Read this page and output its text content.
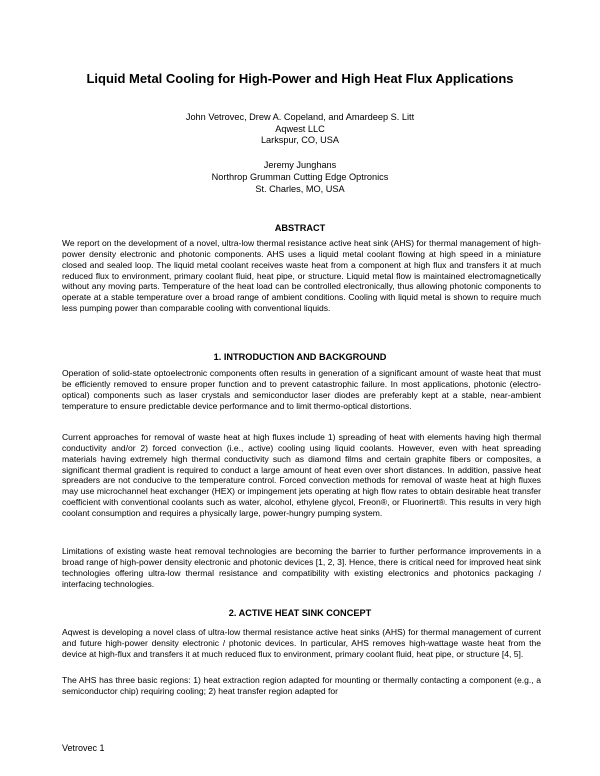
Liquid Metal Cooling for High-Power and High Heat Flux Applications
John Vetrovec, Drew A. Copeland, and Amardeep S. Litt
Aqwest LLC
Larkspur, CO, USA
Jeremy Junghans
Northrop Grumman Cutting Edge Optronics
St. Charles, MO, USA
ABSTRACT
We report on the development of a novel, ultra-low thermal resistance active heat sink (AHS) for thermal management of high-power density electronic and photonic components. AHS uses a liquid metal coolant flowing at high speed in a miniature closed and sealed loop. The liquid metal coolant receives waste heat from a component at high flux and transfers it at much reduced flux to environment, primary coolant fluid, heat pipe, or structure. Liquid metal flow is maintained electromagnetically without any moving parts. Temperature of the heat load can be controlled electronically, thus allowing photonic components to operate at a stable temperature over a broad range of ambient conditions. Cooling with liquid metal is shown to require much less pumping power than comparable cooling with conventional liquids.
1. INTRODUCTION AND BACKGROUND
Operation of solid-state optoelectronic components often results in generation of a significant amount of waste heat that must be efficiently removed to ensure proper function and to prevent catastrophic failure. In most applications, photonic (electro-optical) components such as laser crystals and semiconductor laser diodes are preferably kept at a stable, near-ambient temperature to ensure predictable device performance and to limit thermo-optical distortions.
Current approaches for removal of waste heat at high fluxes include 1) spreading of heat with elements having high thermal conductivity and/or 2) forced convection (i.e., active) cooling using liquid coolants. However, even with heat spreading materials having extremely high thermal conductivity such as diamond films and certain graphite fibers or composites, a significant thermal gradient is required to conduct a large amount of heat even over short distances. In addition, passive heat spreaders are not conducive to the temperature control. Forced convection methods for removal of waste heat at high fluxes may use microchannel heat exchanger (HEX) or impingement jets operating at high flow rates to obtain desirable heat transfer coefficient with conventional coolants such as water, alcohol, ethylene glycol, Freon®, or Fluorinert®. This results in very high coolant consumption and requires a physically large, power-hungry pumping system.
Limitations of existing waste heat removal technologies are becoming the barrier to further performance improvements in a broad range of high-power density electronic and photonic devices [1, 2, 3]. Hence, there is critical need for improved heat sink technologies offering ultra-low thermal resistance and compatibility with existing electronics and photonics packaging / interfacing technologies.
2. ACTIVE HEAT SINK CONCEPT
Aqwest is developing a novel class of ultra-low thermal resistance active heat sinks (AHS) for thermal management of current and future high-power density electronic / photonic devices. In particular, AHS removes high-wattage waste heat from the device at high-flux and transfers it at much reduced flux to environment, primary coolant fluid, heat pipe, or structure [4, 5].
The AHS has three basic regions: 1) heat extraction region adapted for mounting or thermally contacting a component (e.g., a semiconductor chip) requiring cooling; 2) heat transfer region adapted for
Vetrovec 1
